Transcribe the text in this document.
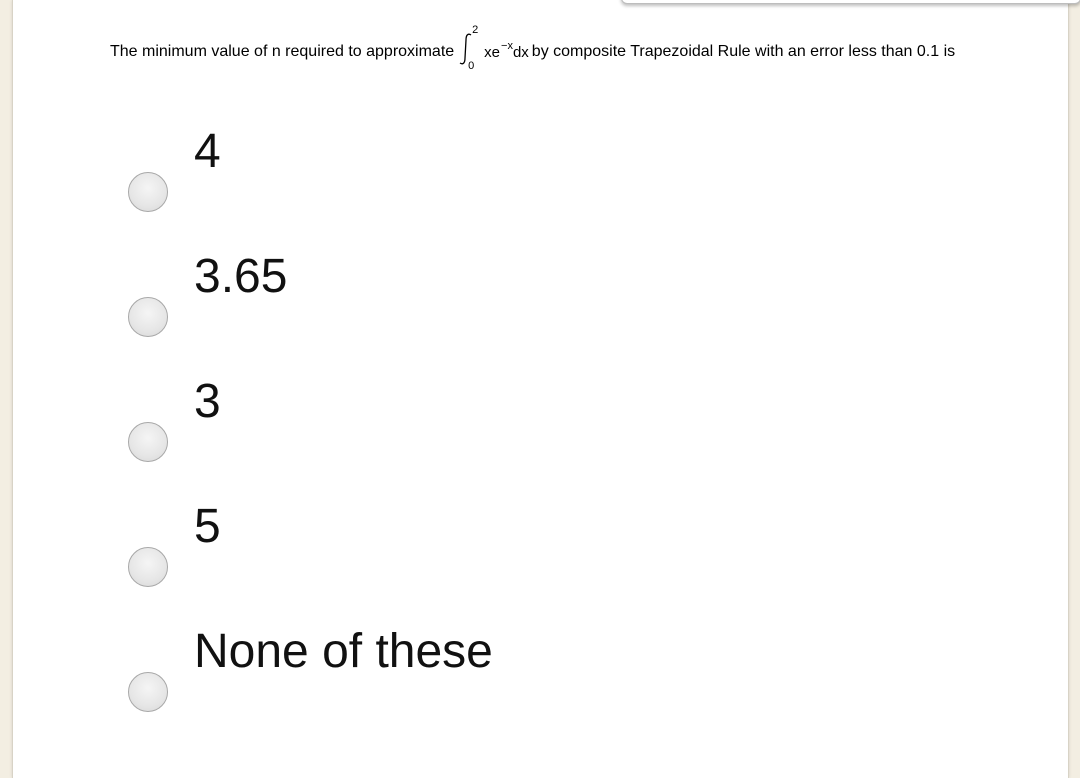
The minimum value of n required to approximate
2
0
xe−xdx by composite Trapezoidal Rule with an error less than 0.1 is
4
3.65
3
5
None of these
